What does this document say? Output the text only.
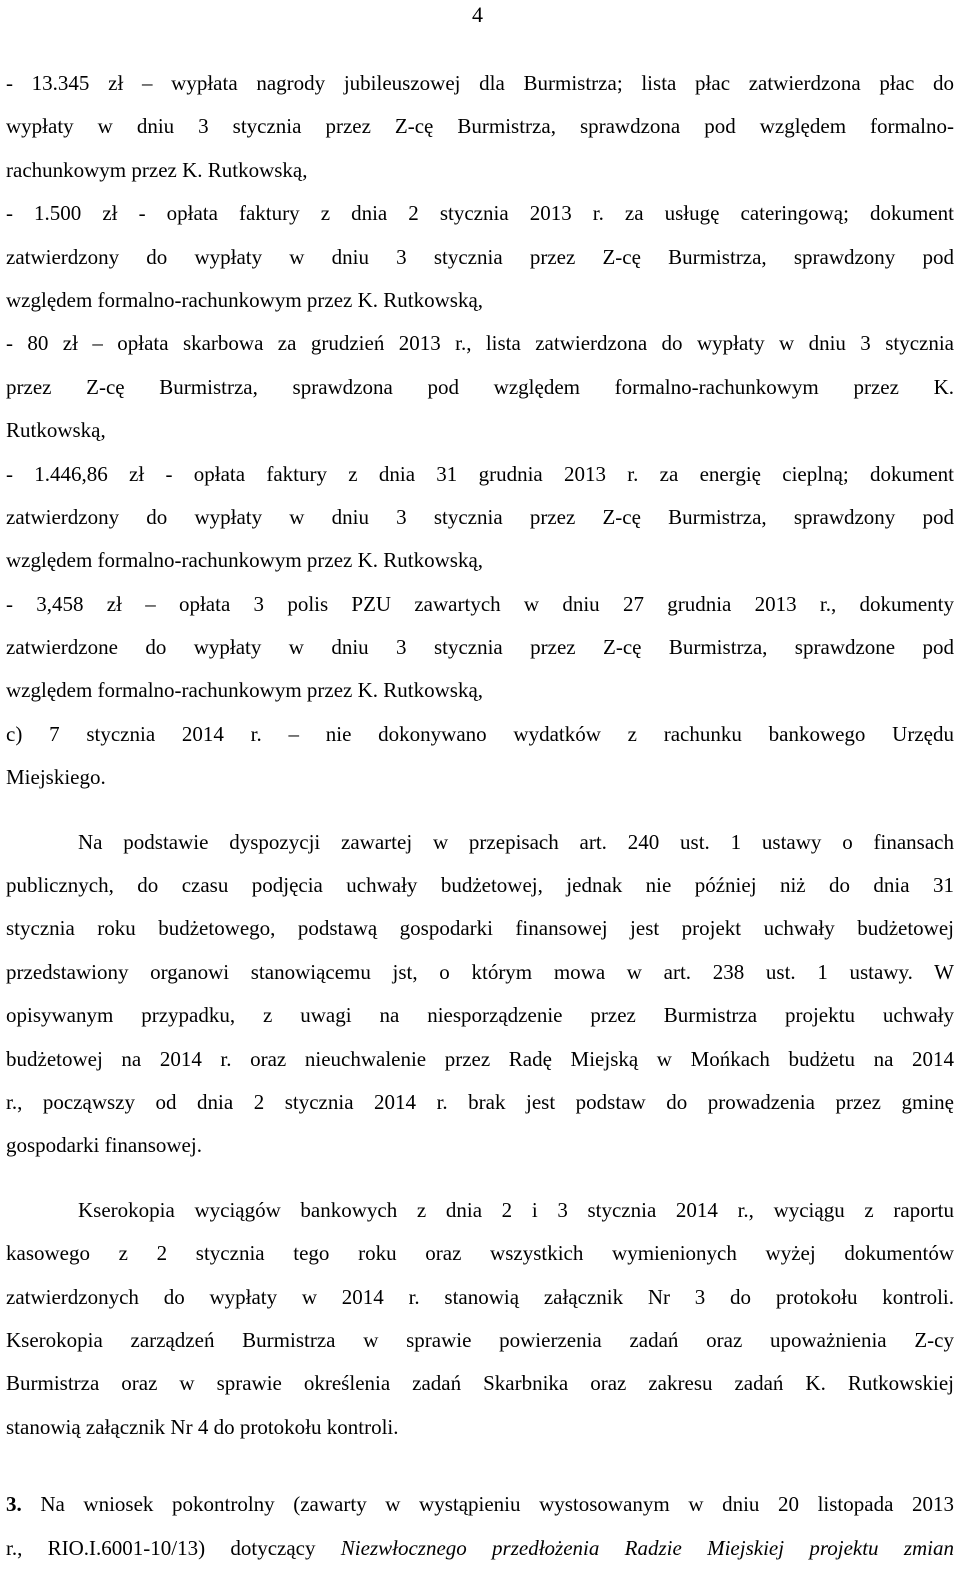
4
- 13.345 zł – wypłata nagrody jubileuszowej dla Burmistrza; lista płac zatwierdzona płac do
wypłaty w dniu 3 stycznia przez Z-cę Burmistrza, sprawdzona pod względem formalno-
rachunkowym przez K. Rutkowską,
- 1.500 zł - opłata faktury z dnia 2 stycznia 2013 r. za usługę cateringową; dokument
zatwierdzony do wypłaty w dniu 3 stycznia przez Z-cę Burmistrza, sprawdzony pod
względem formalno-rachunkowym przez K. Rutkowską,
- 80 zł – opłata skarbowa za grudzień 2013 r., lista zatwierdzona do wypłaty w dniu 3 stycznia
przez Z-cę Burmistrza, sprawdzona pod względem formalno-rachunkowym przez K.
Rutkowską,
- 1.446,86 zł - opłata faktury z dnia 31 grudnia 2013 r. za energię cieplną; dokument
zatwierdzony do wypłaty w dniu 3 stycznia przez Z-cę Burmistrza, sprawdzony pod
względem formalno-rachunkowym przez K. Rutkowską,
- 3,458 zł – opłata 3 polis PZU zawartych w dniu 27 grudnia 2013 r., dokumenty
zatwierdzone do wypłaty w dniu 3 stycznia przez Z-cę Burmistrza, sprawdzone pod
względem formalno-rachunkowym przez K. Rutkowską,
c) 7 stycznia 2014 r. – nie dokonywano wydatków z rachunku bankowego Urzędu
Miejskiego.
Na podstawie dyspozycji zawartej w przepisach art. 240 ust. 1 ustawy o finansach
publicznych, do czasu podjęcia uchwały budżetowej, jednak nie później niż do dnia 31
stycznia roku budżetowego, podstawą gospodarki finansowej jest projekt uchwały budżetowej
przedstawiony organowi stanowiącemu jst, o którym mowa w art. 238 ust. 1 ustawy. W
opisywanym przypadku, z uwagi na niesporządzenie przez Burmistrza projektu uchwały
budżetowej na 2014 r. oraz nieuchwalenie przez Radę Miejską w Mońkach budżetu na 2014
r., począwszy od dnia 2 stycznia 2014 r. brak jest podstaw do prowadzenia przez gminę
gospodarki finansowej.
Kserokopia wyciągów bankowych z dnia 2 i 3 stycznia 2014 r., wyciągu z raportu
kasowego z 2 stycznia tego roku oraz wszystkich wymienionych wyżej dokumentów
zatwierdzonych do wypłaty w 2014 r. stanowią załącznik Nr 3 do protokołu kontroli.
Kserokopia zarządzeń Burmistrza w sprawie powierzenia zadań oraz upoważnienia Z-cy
Burmistrza oraz w sprawie określenia zadań Skarbnika oraz zakresu zadań K. Rutkowskiej
stanowią załącznik Nr 4 do protokołu kontroli.
3. Na wniosek pokontrolny (zawarty w wystąpieniu wystosowanym w dniu 20 listopada 2013
r., RIO.I.6001-10/13) dotyczący Niezwłocznego przedłożenia Radzie Miejskiej projektu zmian
